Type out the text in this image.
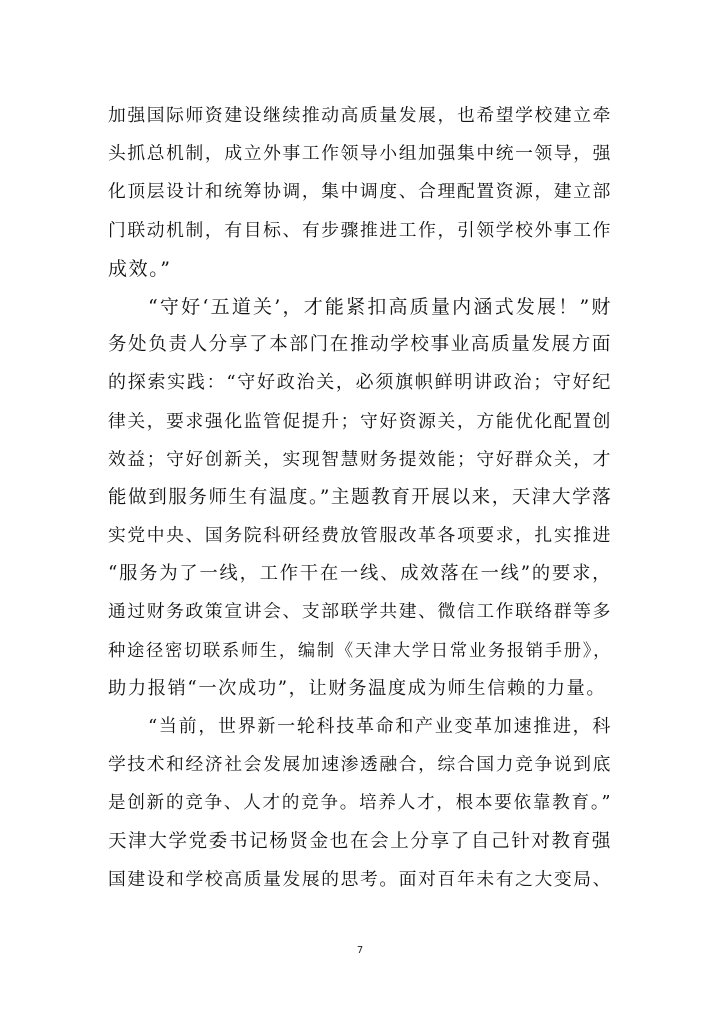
加强国际师资建设继续推动高质量发展，也希望学校建立牵
头抓总机制，成立外事工作领导小组加强集中统一领导，强
化顶层设计和统筹协调，集中调度、合理配置资源，建立部
门联动机制，有目标、有步骤推进工作，引领学校外事工作
成效。”
“守好‘五道关’，才能紧扣高质量内涵式发展！”财
务处负责人分享了本部门在推动学校事业高质量发展方面
的探索实践：“守好政治关，必须旗帜鲜明讲政治；守好纪
律关，要求强化监管促提升；守好资源关，方能优化配置创
效益；守好创新关，实现智慧财务提效能；守好群众关，才
能做到服务师生有温度。”主题教育开展以来，天津大学落
实党中央、国务院科研经费放管服改革各项要求，扎实推进
“服务为了一线，工作干在一线、成效落在一线”的要求，
通过财务政策宣讲会、支部联学共建、微信工作联络群等多
种途径密切联系师生，编制《天津大学日常业务报销手册》，
助力报销“一次成功”，让财务温度成为师生信赖的力量。
“当前，世界新一轮科技革命和产业变革加速推进，科
学技术和经济社会发展加速渗透融合，综合国力竞争说到底
是创新的竞争、人才的竞争。培养人才，根本要依靠教育。”
天津大学党委书记杨贤金也在会上分享了自己针对教育强
国建设和学校高质量发展的思考。面对百年未有之大变局、
7
